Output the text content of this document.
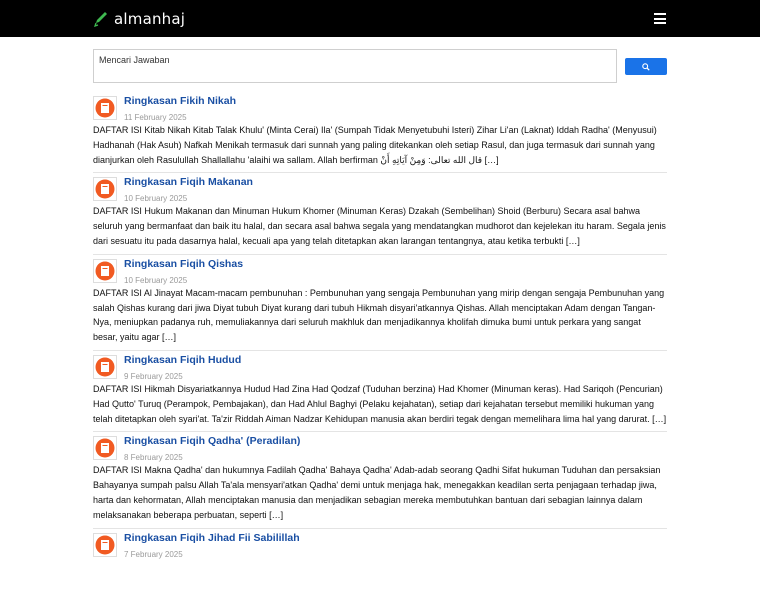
almanhaj
Mencari Jawaban
Ringkasan Fikih Nikah
11 February 2025

DAFTAR ISI Kitab Nikah Kitab Talak Khulu' (Minta Cerai) Ila' (Sumpah Tidak Menyetubuhi Isteri) Zihar Li'an (Laknat) Iddah Radha' (Menyusui) Hadhanah (Hak Asuh) Nafkah Menikah termasuk dari sunnah yang paling ditekankan oleh setiap Rasul, dan juga termasuk dari sunnah yang dianjurkan oleh Rasulullah Shallallahu 'alaihi wa sallam. Allah berfirman قال الله تعالى: وَمِنْ آيَاتِهِ أَنْ […]

Ringkasan Fiqih Makanan
10 February 2025

DAFTAR ISI Hukum Makanan dan Minuman Hukum Khomer (Minuman Keras) Dzakah (Sembelihan) Shoid (Berburu) Secara asal bahwa seluruh yang bermanfaat dan baik itu halal, dan secara asal bahwa segala yang mendatangkan mudhorot dan kejelekan itu haram. Segala jenis dari sesuatu itu pada dasarnya halal, kecuali apa yang telah ditetapkan akan larangan tentangnya, atau ketika terbukti […]

Ringkasan Fiqih Qishas
10 February 2025

DAFTAR ISI Al Jinayat Macam-macam pembunuhan : Pembunuhan yang sengaja Pembunuhan yang mirip dengan sengaja Pembunuhan yang salah Qishas kurang dari jiwa Diyat tubuh Diyat kurang dari tubuh Hikmah disyari'atkannya Qishas. Allah menciptakan Adam dengan Tangan-Nya, meniupkan padanya ruh, memuliakannya dari seluruh makhluk dan menjadikannya kholifah dimuka bumi untuk perkara yang sangat besar, yaitu agar […]

Ringkasan Fiqih Hudud
9 February 2025

DAFTAR ISI Hikmah Disyariatkannya Hudud Had Zina Had Qodzaf (Tuduhan berzina) Had Khomer (Minuman keras). Had Sariqoh (Pencurian) Had Qutto' Turuq (Perampok, Pembajakan), dan Had Ahlul Baghyi (Pelaku kejahatan), setiap dari kejahatan tersebut memiliki hukuman yang telah ditetapkan oleh syari'at. Ta'zir Riddah Aiman Nadzar Kehidupan manusia akan berdiri tegak dengan memelihara lima hal yang darurat. […]

Ringkasan Fiqih Qadha' (Peradilan)
8 February 2025

DAFTAR ISI Makna Qadha' dan hukumnya Fadilah Qadha' Bahaya Qadha' Adab-adab seorang Qadhi Sifat hukuman Tuduhan dan persaksian Bahayanya sumpah palsu Allah Ta'ala mensyari'atkan Qadha' demi untuk menjaga hak, menegakkan keadilan serta penjagaan terhadap jiwa, harta dan kehormatan, Allah menciptakan manusia dan menjadikan sebagian mereka membutuhkan bantuan dari sebagian lainnya dalam melaksanakan beberapa perbuatan, seperti […]

Ringkasan Fiqih Jihad Fii Sabilillah
7 February 2025
